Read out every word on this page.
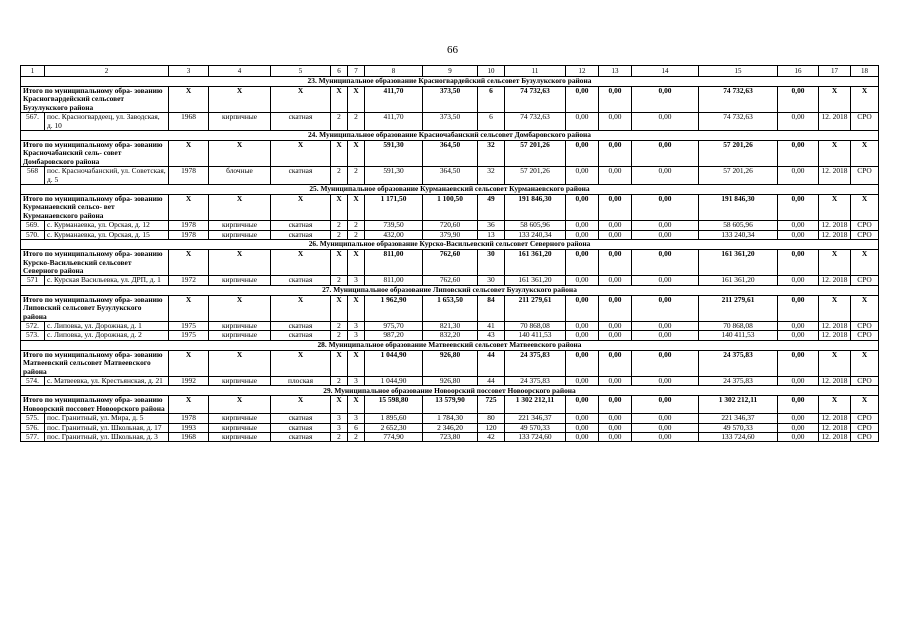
66
1	2	3	4	5	6	7	8	9	10	11	12	13	14	15	16	17	18
23. Муниципальное образование Красногвардейский сельсовет Бузулукского района																	
Итого по муниципальному обра- зованию Красногвардейский сельсовет Бузулукского района		X	X	X	X	X	411,70	373,50	6	74 732,63	0,00	0,00	0,00	74 732,63	0,00	X	X
567.	пос. Красногвардеец, ул. Заводская, д. 10	1968	кирпичные	скатная	2	2	411,70	373,50	6	74 732,63	0,00	0,00	0,00	74 732,63	0,00	12. 2018	СРО
24. Муниципальное образование Красночабанский сельсовет Домбаровского района																	
Итого по муниципальному обра- зованию Красночабанский сель- совет Домбаровского района		X	X	X	X	X	591,30	364,50	32	57 201,26	0,00	0,00	0,00	57 201,26	0,00	X	X
568	пос. Красночабанский, ул. Советская, д. 5	1978	блочные	скатная	2	2	591,30	364,50	32	57 201,26	0,00	0,00	0,00	57 201,26	0,00	12. 2018	СРО
25. Муниципальное образование Курманаевский сельсовет Курманаевского района																	
Итого по муниципальному обра- зованию Курманаевский сельсо- вет Курманаевского района		X	X	X	X	X	1 171,50	1 100,50	49	191 846,30	0,00	0,00	0,00	191 846,30	0,00	X	X
569.	с. Курманаевка, ул. Орская, д. 12	1978	кирпичные	скатная	2	2	739,50	720,60	36	58 605,96	0,00	0,00	0,00	58 605,96	0,00	12. 2018	СРО
570.	с. Курманаевка, ул. Орская, д. 15	1978	кирпичные	скатная	2	2	432,00	379,90	13	133 240,34	0,00	0,00	0,00	133 240,34	0,00	12. 2018	СРО
26. Муниципальное образование Курско-Васильевский сельсовет Северного района																	
Итого по муниципальному обра- зованию Курско-Васильевский сельсовет Северного района		X	X	X	X	X	811,00	762,60	30	161 361,20	0,00	0,00	0,00	161 361,20	0,00	X	X
571	с. Курская Васильевка, ул. ДРП, д. 1	1972	кирпичные	скатная	2	3	811,00	762,60	30	161 361,20	0,00	0,00	0,00	161 361,20	0,00	12. 2018	СРО
27. Муниципальное образование Липовский сельсовет Бузулукского района																	
Итого по муниципальному обра- зованию Липовский сельсовет Бузулукского района		X	X	X	X	X	1 962,90	1 653,50	84	211 279,61	0,00	0,00	0,00	211 279,61	0,00	X	X
572.	с. Липовка, ул. Дорожная, д. 1	1975	кирпичные	скатная	2	3	975,70	821,30	41	70 868,08	0,00	0,00	0,00	70 868,08	0,00	12. 2018	СРО
573.	с. Липовка, ул. Дорожная, д. 2	1975	кирпичные	скатная	2	3	987,20	832,20	43	140 411,53	0,00	0,00	0,00	140 411,53	0,00	12. 2018	СРО
28. Муниципальное образование Матвеевский сельсовет Матвеевского района																	
Итого по муниципальному обра- зованию Матвеевский сельсовет Матвеевского района		X	X	X	X	X	1 044,90	926,80	44	24 375,83	0,00	0,00	0,00	24 375,83	0,00	X	X
574.	с. Матвеевка, ул. Крестьянская, д. 21	1992	кирпичные	плоская	2	3	1 044,90	926,80	44	24 375,83	0,00	0,00	0,00	24 375,83	0,00	12. 2018	СРО
29. Муниципальное образование Новоорский поссовет Новоорского района																	
Итого по муниципальному обра- зованию Новоорский поссовет Новоорского района		X	X	X	X	X	15 598,80	13 579,90	725	1 302 212,11	0,00	0,00	0,00	1 302 212,11	0,00	X	X
575.	пос. Гранитный, ул. Мира, д. 5	1978	кирпичные	скатная	3	3	1 895,60	1 784,30	80	221 346,37	0,00	0,00	0,00	221 346,37	0,00	12. 2018	СРО
576.	пос. Гранитный, ул. Школьная, д. 17	1993	кирпичные	скатная	3	6	2 652,30	2 346,20	120	49 570,33	0,00	0,00	0,00	49 570,33	0,00	12. 2018	СРО
577.	пос. Гранитный, ул. Школьная, д. 3	1968	кирпичные	скатная	2	2	774,90	723,80	42	133 724,60	0,00	0,00	0,00	133 724,60	0,00	12. 2018	СРО
